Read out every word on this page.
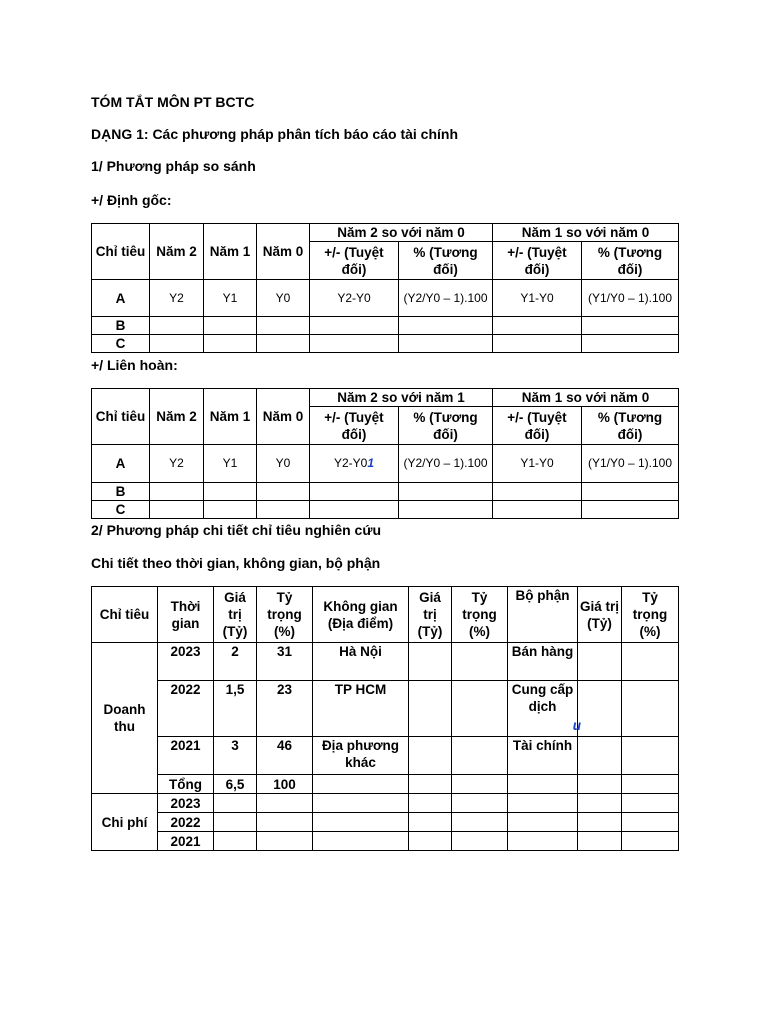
TÓM TẮT MÔN PT BCTC
DẠNG 1: Các phương pháp phân tích báo cáo tài chính
1/ Phương pháp so sánh
+/ Định gốc:
Chỉ tiêu	Năm 2	Năm 1	Năm 0	Năm 2 so với năm 0		Năm 1 so với năm 0	
				+/- (Tuyệt đối)	% (Tương đối)	+/- (Tuyệt đối)	% (Tương đối)
A	Y2	Y1	Y0	Y2-Y0	(Y2/Y0 – 1).100	Y1-Y0	(Y1/Y0 – 1).100
B							
C							
+/ Liên hoàn:
Chỉ tiêu	Năm 2	Năm 1	Năm 0	Năm 2 so với năm 1		Năm 1 so với năm 0	
				+/- (Tuyệt đối)	% (Tương đối)	+/- (Tuyệt đối)	% (Tương đối)
A	Y2	Y1	Y0	Y2-Y01	(Y2/Y0 – 1).100	Y1-Y0	(Y1/Y0 – 1).100
B							
C							
2/ Phương pháp chi tiết chỉ tiêu nghiên cứu
Chi tiết theo thời gian, không gian, bộ phận
Chỉ tiêu	Thời gian	Giá trị (Tỷ)	Tỷ trọng (%)	Không gian (Địa điểm)	Giá trị (Tỷ)	Tỷ trọng (%)	Bộ phận	Giá trị (Tỷ)	Tỷ trọng (%)
Doanh thu	2023	2	31	Hà Nội			Bán hàng		
	2022	1,5	23	TP HCM			Cung cấp dịch
u		

	2021	3	46	Địa phương khác			Tài chính		
	Tổng	6,5	100						
Chi phí	2023								
	2022								
	2021								
